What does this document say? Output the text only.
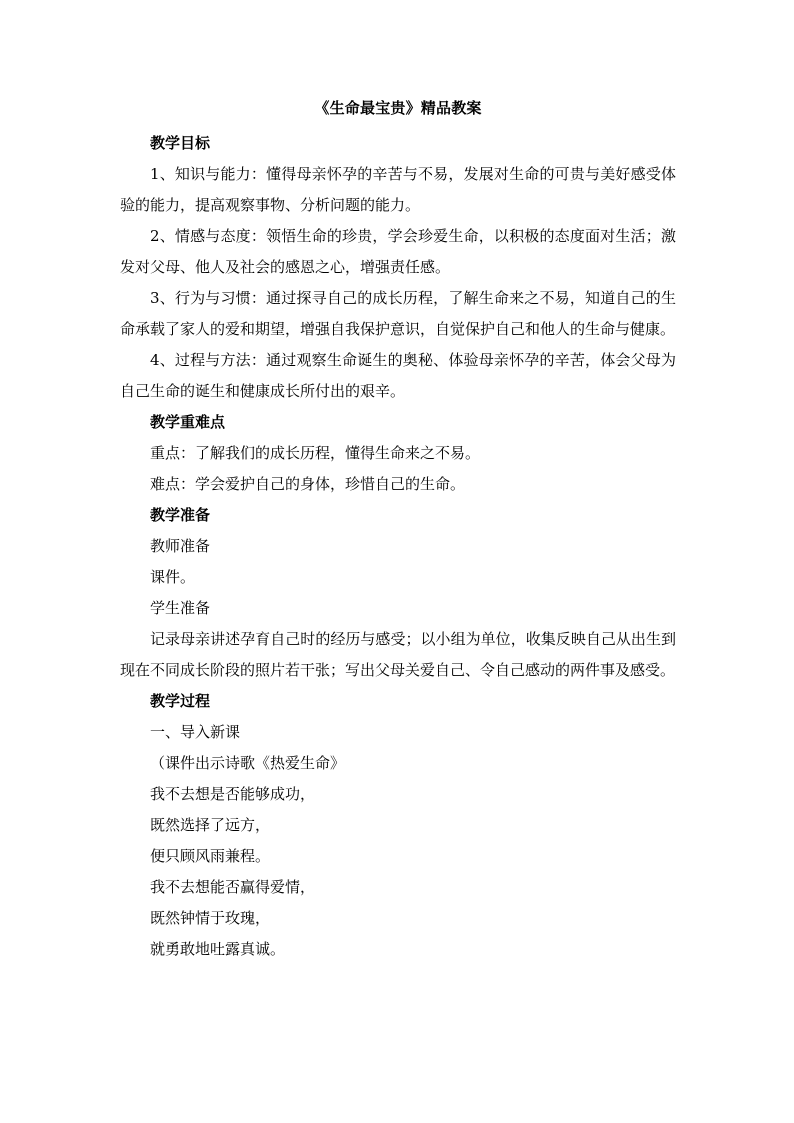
《生命最宝贵》精品教案

教学目标

1、知识与能力：懂得母亲怀孕的辛苦与不易，发展对生命的可贵与美好感受体验的能力，提高观察事物、分析问题的能力。

2、情感与态度：领悟生命的珍贵，学会珍爱生命，以积极的态度面对生活；激发对父母、他人及社会的感恩之心，增强责任感。

3、行为与习惯：通过探寻自己的成长历程，了解生命来之不易，知道自己的生命承载了家人的爱和期望，增强自我保护意识，自觉保护自己和他人的生命与健康。

4、过程与方法：通过观察生命诞生的奥秘、体验母亲怀孕的辛苦，体会父母为自己生命的诞生和健康成长所付出的艰辛。

教学重难点

重点：了解我们的成长历程，懂得生命来之不易。

难点：学会爱护自己的身体，珍惜自己的生命。

教学准备

教师准备

课件。

学生准备

记录母亲讲述孕育自己时的经历与感受；以小组为单位，收集反映自己从出生到现在不同成长阶段的照片若干张；写出父母关爱自己、令自己感动的两件事及感受。

教学过程

一、导入新课

（课件出示诗歌《热爱生命》

我不去想是否能够成功，

既然选择了远方，

便只顾风雨兼程。

我不去想能否赢得爱情，

既然钟情于玫瑰，

就勇敢地吐露真诚。
